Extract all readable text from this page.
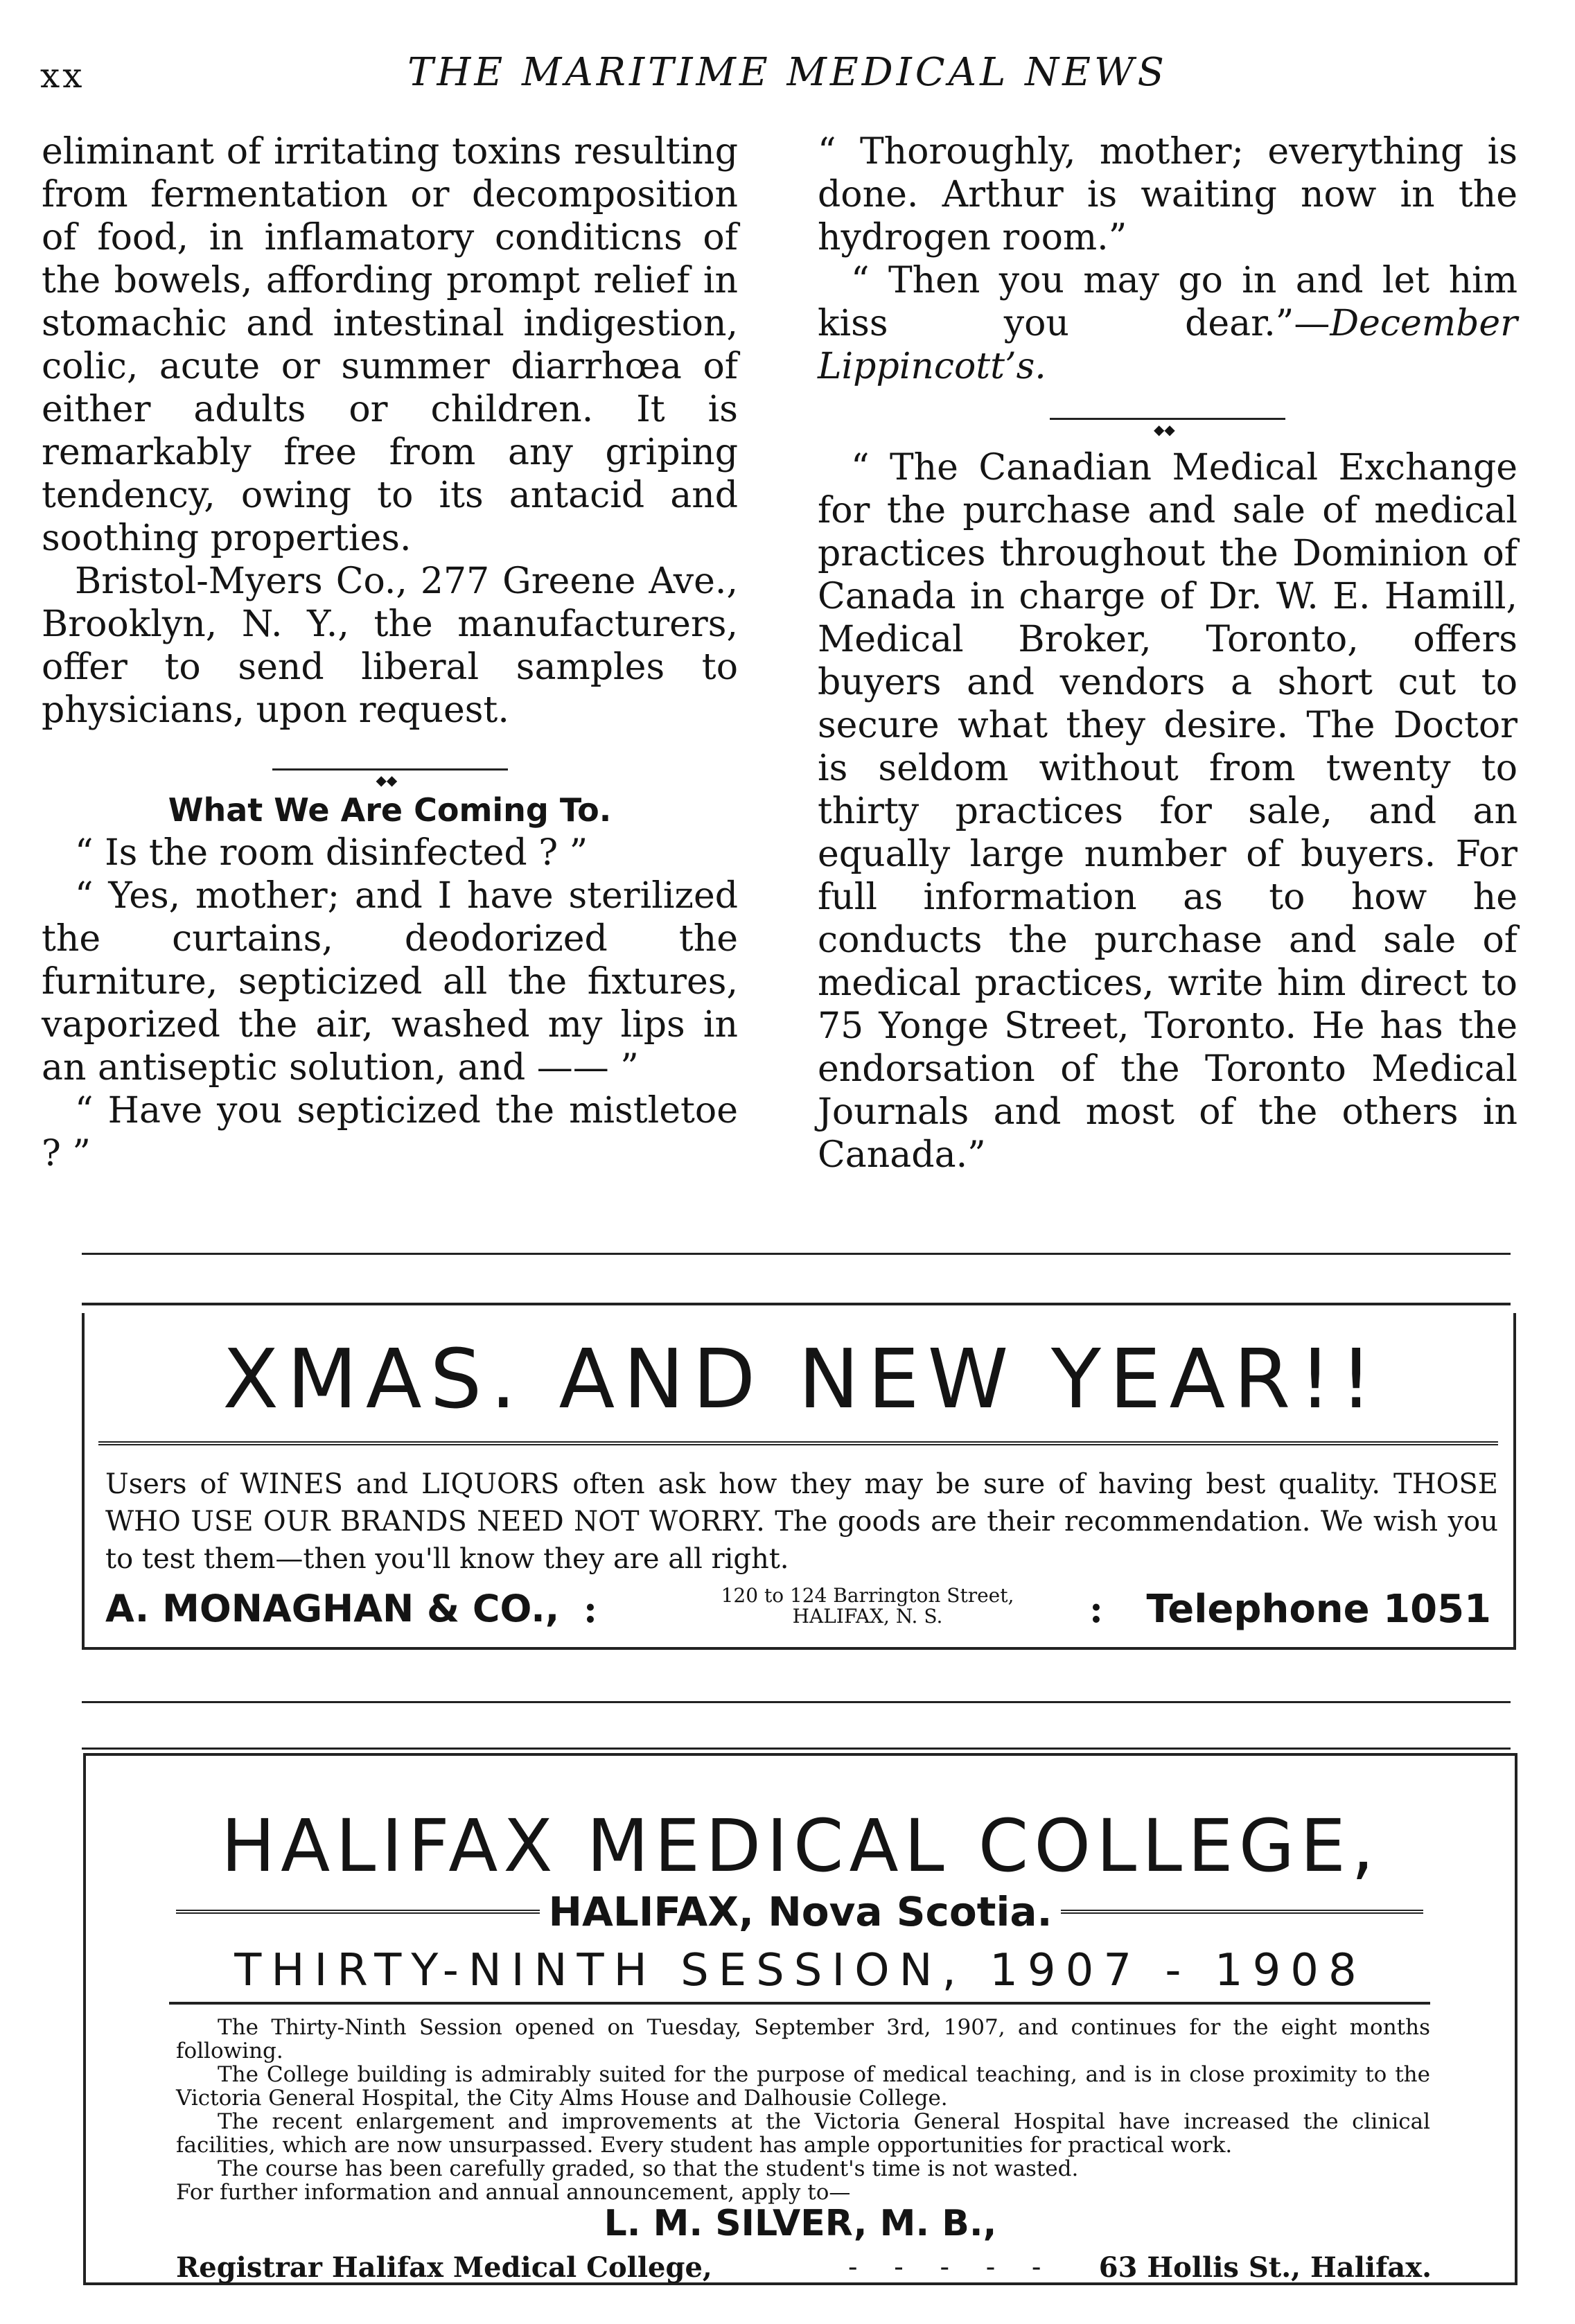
xx	THE MARITIME MEDICAL NEWS

eliminant of irritating toxins resulting from fermentation or decomposition of food, in inflamatory conditicns of the bowels, affording prompt relief in stomachic and intestinal indigestion, colic, acute or summer diarrhœa of either adults or children. It is remarkably free from any griping tendency, owing to its antacid and soothing properties.

Bristol-Myers Co., 277 Greene Ave., Brooklyn, N. Y., the manufacturers, offer to send liberal samples to physicians, upon request.

◆◆
What We Are Coming To.

“ Is the room disinfected ? ”

“ Yes, mother; and I have sterilized the curtains, deodorized the furniture, septicized all the fixtures, vaporized the air, washed my lips in an antiseptic solution, and —— ”

“ Have you septicized the mistletoe ? ”

“ Thoroughly, mother; everything is done. Arthur is waiting now in the hydrogen room.”

“ Then you may go in and let him kiss you dear.”—December Lippincott’s.

◆◆

“ The Canadian Medical Exchange for the purchase and sale of medical practices throughout the Dominion of Canada in charge of Dr. W. E. Hamill, Medical Broker, Toronto, offers buyers and vendors a short cut to secure what they desire. The Doctor is seldom without from twenty to thirty practices for sale, and an equally large number of buyers. For full information as to how he conducts the purchase and sale of medical practices, write him direct to 75 Yonge Street, Toronto. He has the endorsation of the Toronto Medical Journals and most of the others in Canada.”

XMAS. AND NEW YEAR!!
Users of WINES and LIQUORS often ask how they may be sure of having best quality. THOSE WHO USE OUR BRANDS NEED NOT WORRY. The goods are their recommendation. We wish you to test them—then you'll know they are all right.
A. MONAGHAN & CO., :	120 to 124 Barrington Street,
HALIFAX, N. S.	: Telephone 1051
HALIFAX MEDICAL COLLEGE,
HALIFAX, Nova Scotia.
THIRTY-NINTH SESSION, 1907 - 1908

The Thirty-Ninth Session opened on Tuesday, September 3rd, 1907, and continues for the eight months following.

The College building is admirably suited for the purpose of medical teaching, and is in close proximity to the Victoria General Hospital, the City Alms House and Dalhousie College.

The recent enlargement and improvements at the Victoria General Hospital have increased the clinical facilities, which are now unsurpassed. Every student has ample opportunities for practical work.

The course has been carefully graded, so that the student's time is not wasted.

For further information and annual announcement, apply to—

L. M. SILVER, M. B.,
Registrar Halifax Medical College,	- - - - - 63 Hollis St., Halifax.
